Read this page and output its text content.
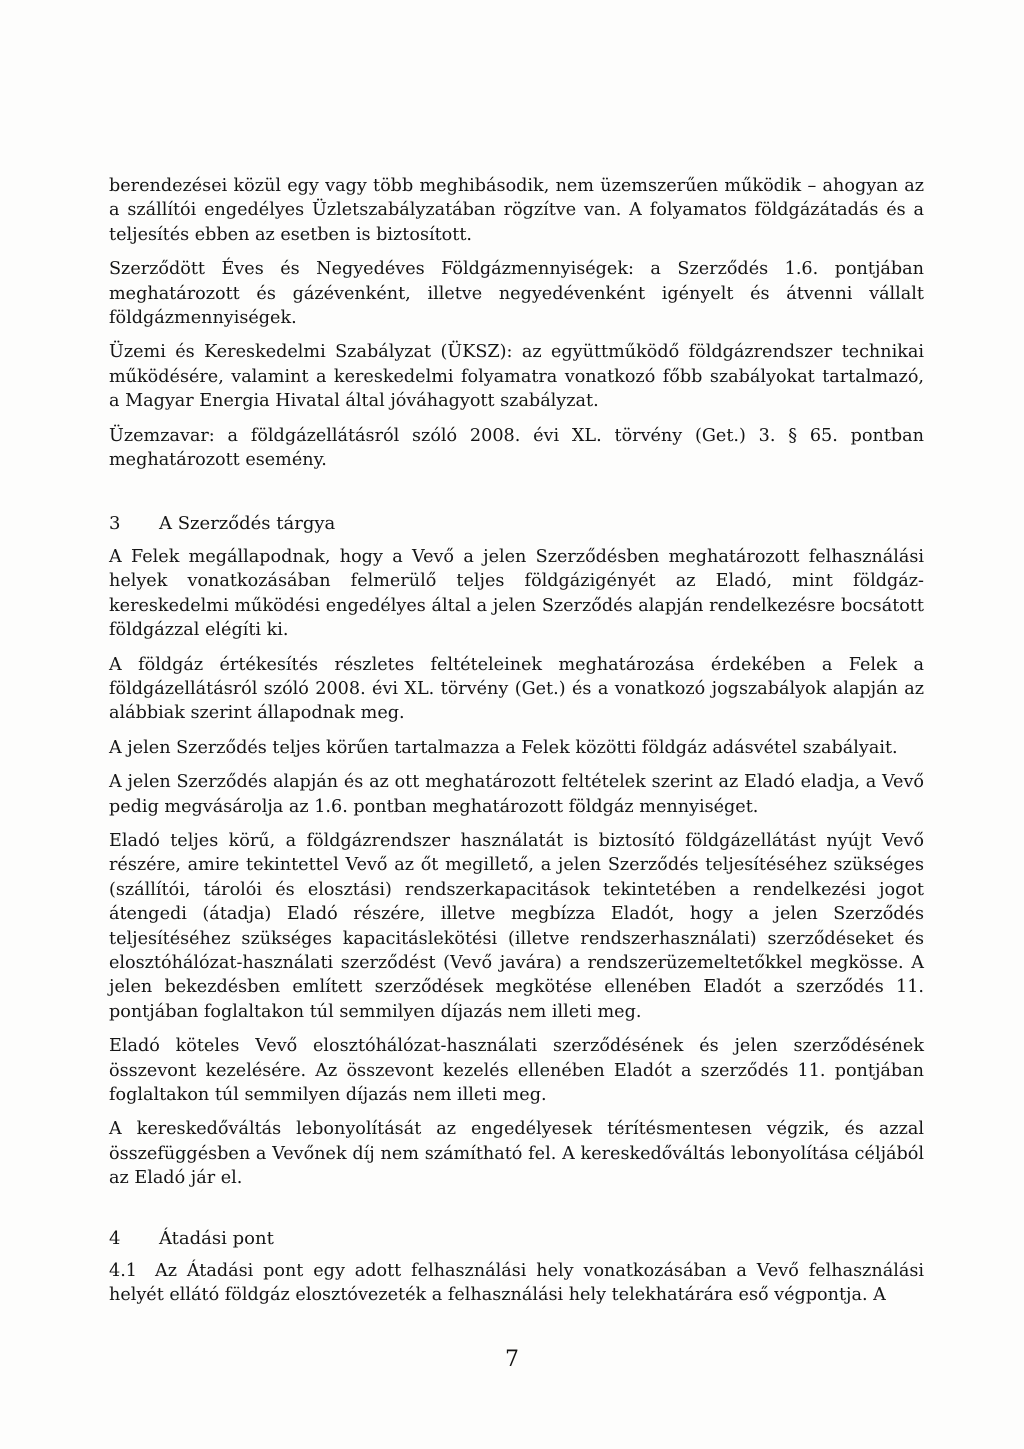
berendezései közül egy vagy több meghibásodik, nem üzemszerűen működik – ahogyan az a szállítói engedélyes Üzletszabályzatában rögzítve van. A folyamatos földgázátadás és a teljesítés ebben az esetben is biztosított.

Szerződött Éves és Negyedéves Földgázmennyiségek: a Szerződés 1.6. pontjában meghatározott és gázévenként, illetve negyedévenként igényelt és átvenni vállalt földgázmennyiségek.

Üzemi és Kereskedelmi Szabályzat (ÜKSZ): az együttműködő földgázrendszer technikai működésére, valamint a kereskedelmi folyamatra vonatkozó főbb szabályokat tartalmazó, a Magyar Energia Hivatal által jóváhagyott szabályzat.

Üzemzavar: a földgázellátásról szóló 2008. évi XL. törvény (Get.) 3. § 65. pontban meghatározott esemény.

3	A Szerződés tárgya

A Felek megállapodnak, hogy a Vevő a jelen Szerződésben meghatározott felhasználási helyek vonatkozásában felmerülő teljes földgázigényét az Eladó, mint földgáz-kereskedelmi működési engedélyes által a jelen Szerződés alapján rendelkezésre bocsátott földgázzal elégíti ki.

A földgáz értékesítés részletes feltételeinek meghatározása érdekében a Felek a földgázellátásról szóló 2008. évi XL. törvény (Get.) és a vonatkozó jogszabályok alapján az alábbiak szerint állapodnak meg.

A jelen Szerződés teljes körűen tartalmazza a Felek közötti földgáz adásvétel szabályait.

A jelen Szerződés alapján és az ott meghatározott feltételek szerint az Eladó eladja, a Vevő pedig megvásárolja az 1.6. pontban meghatározott földgáz mennyiséget.

Eladó teljes körű, a földgázrendszer használatát is biztosító földgázellátást nyújt Vevő részére, amire tekintettel Vevő az őt megillető, a jelen Szerződés teljesítéséhez szükséges (szállítói, tárolói és elosztási) rendszerkapacitások tekintetében a rendelkezési jogot átengedi (átadja) Eladó részére, illetve megbízza Eladót, hogy a jelen Szerződés teljesítéséhez szükséges kapacitáslekötési (illetve rendszerhasználati) szerződéseket és elosztóhálózat-használati szerződést (Vevő javára) a rendszerüzemeltetőkkel megkösse. A jelen bekezdésben említett szerződések megkötése ellenében Eladót a szerződés 11. pontjában foglaltakon túl semmilyen díjazás nem illeti meg.

Eladó köteles Vevő elosztóhálózat-használati szerződésének és jelen szerződésének összevont kezelésére. Az összevont kezelés ellenében Eladót a szerződés 11. pontjában foglaltakon túl semmilyen díjazás nem illeti meg.

A kereskedőváltás lebonyolítását az engedélyesek térítésmentesen végzik, és azzal összefüggésben a Vevőnek díj nem számítható fel. A kereskedőváltás lebonyolítása céljából az Eladó jár el.

4	Átadási pont

4.1 Az Átadási pont egy adott felhasználási hely vonatkozásában a Vevő felhasználási helyét ellátó földgáz elosztóvezeték a felhasználási hely telekhatárára eső végpontja. A

7
